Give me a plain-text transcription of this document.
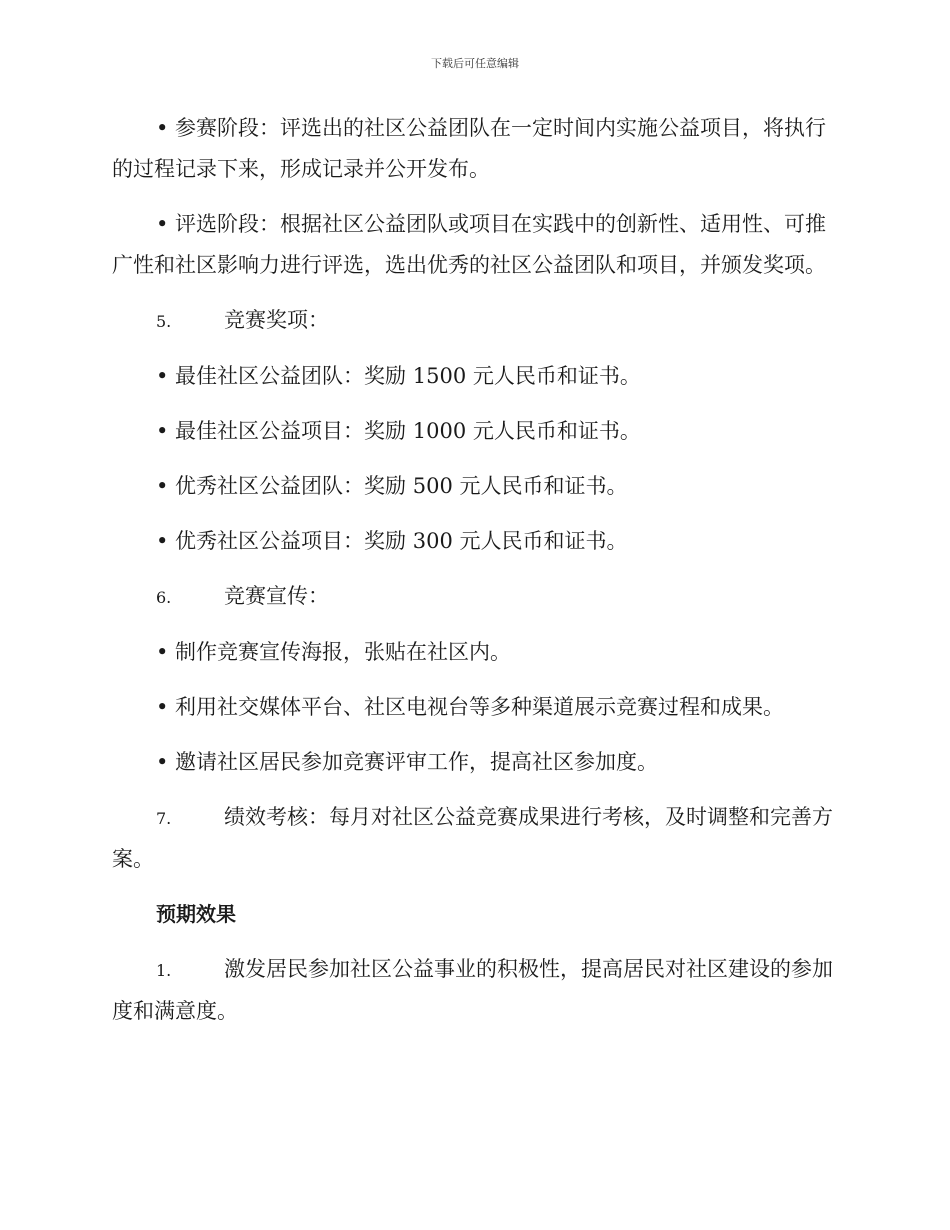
下载后可任意编辑

• 参赛阶段：评选出的社区公益团队在一定时间内实施公益项目，将执行的过程记录下来，形成记录并公开发布。

• 评选阶段：根据社区公益团队或项目在实践中的创新性、适用性、可推广性和社区影响力进行评选，选出优秀的社区公益团队和项目，并颁发奖项。

5.	竞赛奖项：

• 最佳社区公益团队：奖励 1500 元人民币和证书。

• 最佳社区公益项目：奖励 1000 元人民币和证书。

• 优秀社区公益团队：奖励 500 元人民币和证书。

• 优秀社区公益项目：奖励 300 元人民币和证书。

6.	竞赛宣传：

• 制作竞赛宣传海报，张贴在社区内。

• 利用社交媒体平台、社区电视台等多种渠道展示竞赛过程和成果。

• 邀请社区居民参加竞赛评审工作，提高社区参加度。

7.	绩效考核：每月对社区公益竞赛成果进行考核，及时调整和完善方案。

预期效果

1.	激发居民参加社区公益事业的积极性，提高居民对社区建设的参加度和满意度。
